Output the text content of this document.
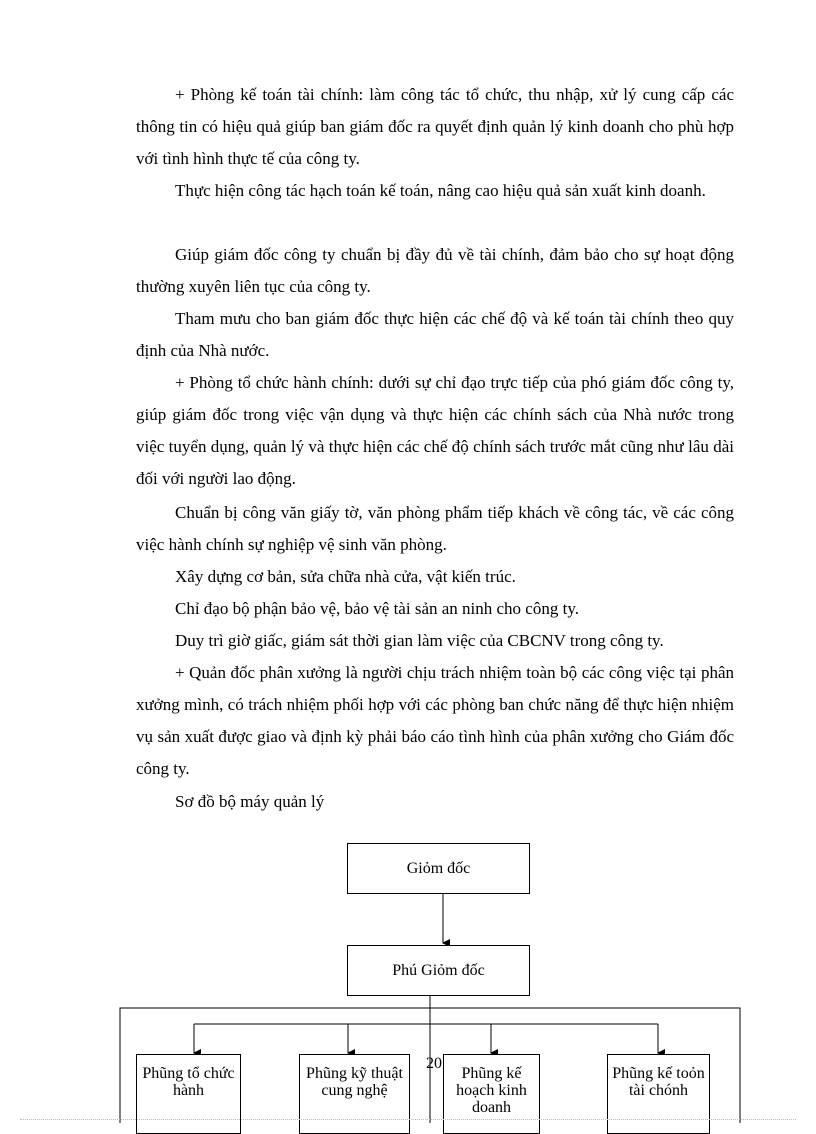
+ Phòng kế toán tài chính: làm công tác tổ chức, thu nhập, xử lý cung cấp các thông tin có hiệu quả giúp ban giám đốc ra quyết định quản lý kinh doanh cho phù hợp với tình hình thực tế của công ty.

Thực hiện công tác hạch toán kế toán, nâng cao hiệu quả sản xuất kinh doanh.

Giúp giám đốc công ty chuẩn bị đầy đủ về tài chính, đảm bảo cho sự hoạt động thường xuyên liên tục của công ty.

Tham mưu cho ban giám đốc thực hiện các chế độ và kế toán tài chính theo quy định của Nhà nước.

+ Phòng tổ chức hành chính: dưới sự chỉ đạo trực tiếp của phó giám đốc công ty, giúp giám đốc trong việc vận dụng và thực hiện các chính sách của Nhà nước trong việc tuyển dụng, quản lý và thực hiện các chế độ chính sách trước mắt cũng như lâu dài đối với người lao động.

Chuẩn bị công văn giấy tờ, văn phòng phẩm tiếp khách về công tác, về các công việc hành chính sự nghiệp vệ sinh văn phòng.

Xây dựng cơ bản, sửa chữa nhà cửa, vật kiến trúc.

Chỉ đạo bộ phận bảo vệ, bảo vệ tài sản an ninh cho công ty.

Duy trì giờ giấc, giám sát thời gian làm việc của CBCNV trong công ty.

+ Quản đốc phân xưởng là người chịu trách nhiệm toàn bộ các công việc tại phân xưởng mình, có trách nhiệm phối hợp với các phòng ban chức năng để thực hiện nhiệm vụ sản xuất được giao và định kỳ phải báo cáo tình hình của phân xưởng cho Giám đốc công ty.

Sơ đồ bộ máy quản lý

Giỏm đốc
Phú Giỏm đốc
Phũng tổ chức hành
Phũng kỹ thuật cung nghệ
Phũng kế hoạch kinh doanh
Phũng kế toỏn tài chónh
20
